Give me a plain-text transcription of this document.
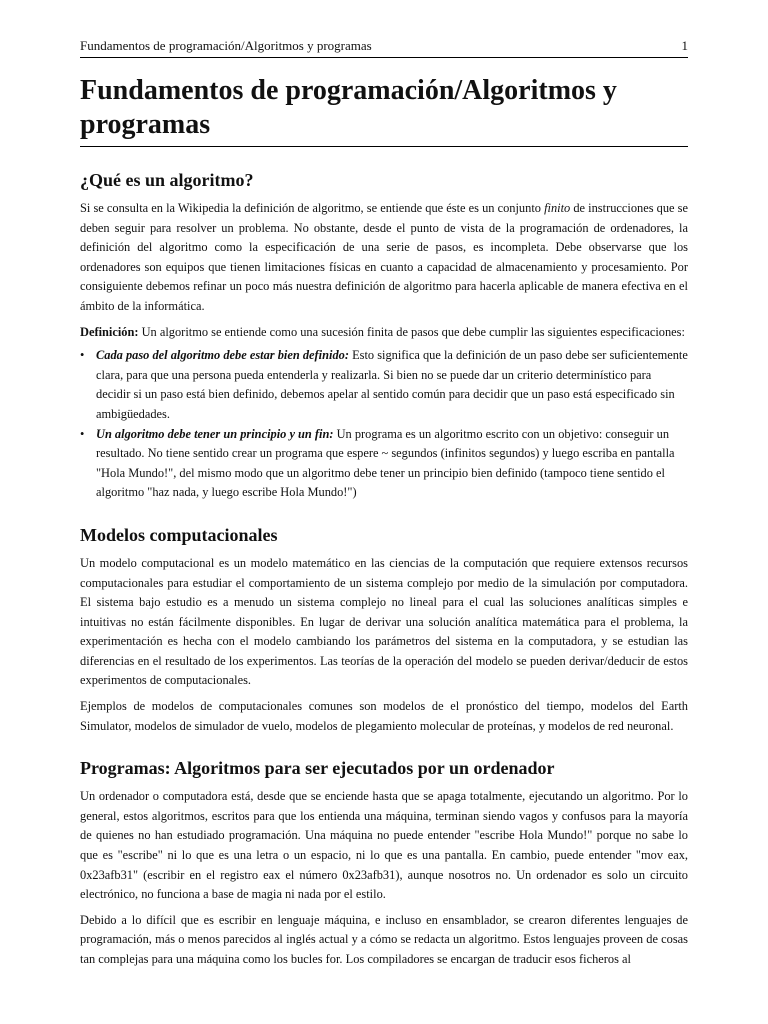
Fundamentos de programación/Algoritmos y programas	1
Fundamentos de programación/Algoritmos y programas
¿Qué es un algoritmo?

Si se consulta en la Wikipedia la definición de algoritmo, se entiende que éste es un conjunto finito de instrucciones que se deben seguir para resolver un problema. No obstante, desde el punto de vista de la programación de ordenadores, la definición del algoritmo como la especificación de una serie de pasos, es incompleta. Debe observarse que los ordenadores son equipos que tienen limitaciones físicas en cuanto a capacidad de almacenamiento y procesamiento. Por consiguiente debemos refinar un poco más nuestra definición de algoritmo para hacerla aplicable de manera efectiva en el ámbito de la informática.

Definición: Un algoritmo se entiende como una sucesión finita de pasos que debe cumplir las siguientes especificaciones:

• Cada paso del algoritmo debe estar bien definido: Esto significa que la definición de un paso debe ser suficientemente clara, para que una persona pueda entenderla y realizarla. Si bien no se puede dar un criterio determinístico para decidir si un paso está bien definido, debemos apelar al sentido común para decidir que un paso está especificado sin ambigüedades.
• Un algoritmo debe tener un principio y un fin: Un programa es un algoritmo escrito con un objetivo: conseguir un resultado. No tiene sentido crear un programa que espere ~ segundos (infinitos segundos) y luego escriba en pantalla "Hola Mundo!", del mismo modo que un algoritmo debe tener un principio bien definido (tampoco tiene sentido el algoritmo "haz nada, y luego escribe Hola Mundo!")
Modelos computacionales

Un modelo computacional es un modelo matemático en las ciencias de la computación que requiere extensos recursos computacionales para estudiar el comportamiento de un sistema complejo por medio de la simulación por computadora. El sistema bajo estudio es a menudo un sistema complejo no lineal para el cual las soluciones analíticas simples e intuitivas no están fácilmente disponibles. En lugar de derivar una solución analítica matemática para el problema, la experimentación es hecha con el modelo cambiando los parámetros del sistema en la computadora, y se estudian las diferencias en el resultado de los experimentos. Las teorías de la operación del modelo se pueden derivar/deducir de estos experimentos de computacionales.

Ejemplos de modelos de computacionales comunes son modelos de el pronóstico del tiempo, modelos del Earth Simulator, modelos de simulador de vuelo, modelos de plegamiento molecular de proteínas, y modelos de red neuronal.

Programas: Algoritmos para ser ejecutados por un ordenador

Un ordenador o computadora está, desde que se enciende hasta que se apaga totalmente, ejecutando un algoritmo. Por lo general, estos algoritmos, escritos para que los entienda una máquina, terminan siendo vagos y confusos para la mayoría de quienes no han estudiado programación. Una máquina no puede entender "escribe Hola Mundo!" porque no sabe lo que es "escribe" ni lo que es una letra o un espacio, ni lo que es una pantalla. En cambio, puede entender "mov eax, 0x23afb31" (escribir en el registro eax el número 0x23afb31), aunque nosotros no. Un ordenador es solo un circuito electrónico, no funciona a base de magia ni nada por el estilo.

Debido a lo difícil que es escribir en lenguaje máquina, e incluso en ensamblador, se crearon diferentes lenguajes de programación, más o menos parecidos al inglés actual y a cómo se redacta un algoritmo. Estos lenguajes proveen de cosas tan complejas para una máquina como los bucles for. Los compiladores se encargan de traducir esos ficheros al
